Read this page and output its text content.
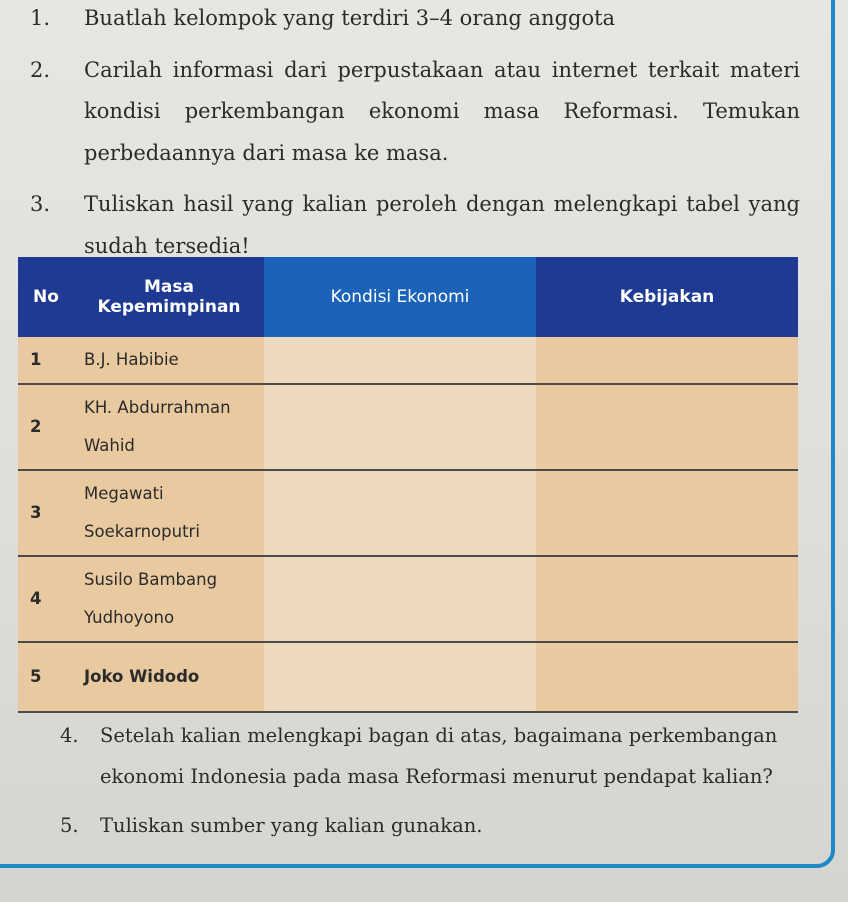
1. Buatlah kelompok yang terdiri 3–4 orang anggota
2. Carilah informasi dari perpustakaan atau internet terkait materi kondisi perkembangan ekonomi masa Reformasi. Temukan perbedaannya dari masa ke masa.
3. Tuliskan hasil yang kalian peroleh dengan melengkapi tabel yang sudah tersedia!
No	Masa Kepemimpinan	Kondisi Ekonomi	Kebijakan
1	B.J. Habibie		
2	KH. Abdurrahman Wahid		
3	Megawati Soekarnoputri		
4	Susilo Bambang Yudhoyono		
5	Joko Widodo		
4. Setelah kalian melengkapi bagan di atas, bagaimana perkembangan ekonomi Indonesia pada masa Reformasi menurut pendapat kalian?
5. Tuliskan sumber yang kalian gunakan.
